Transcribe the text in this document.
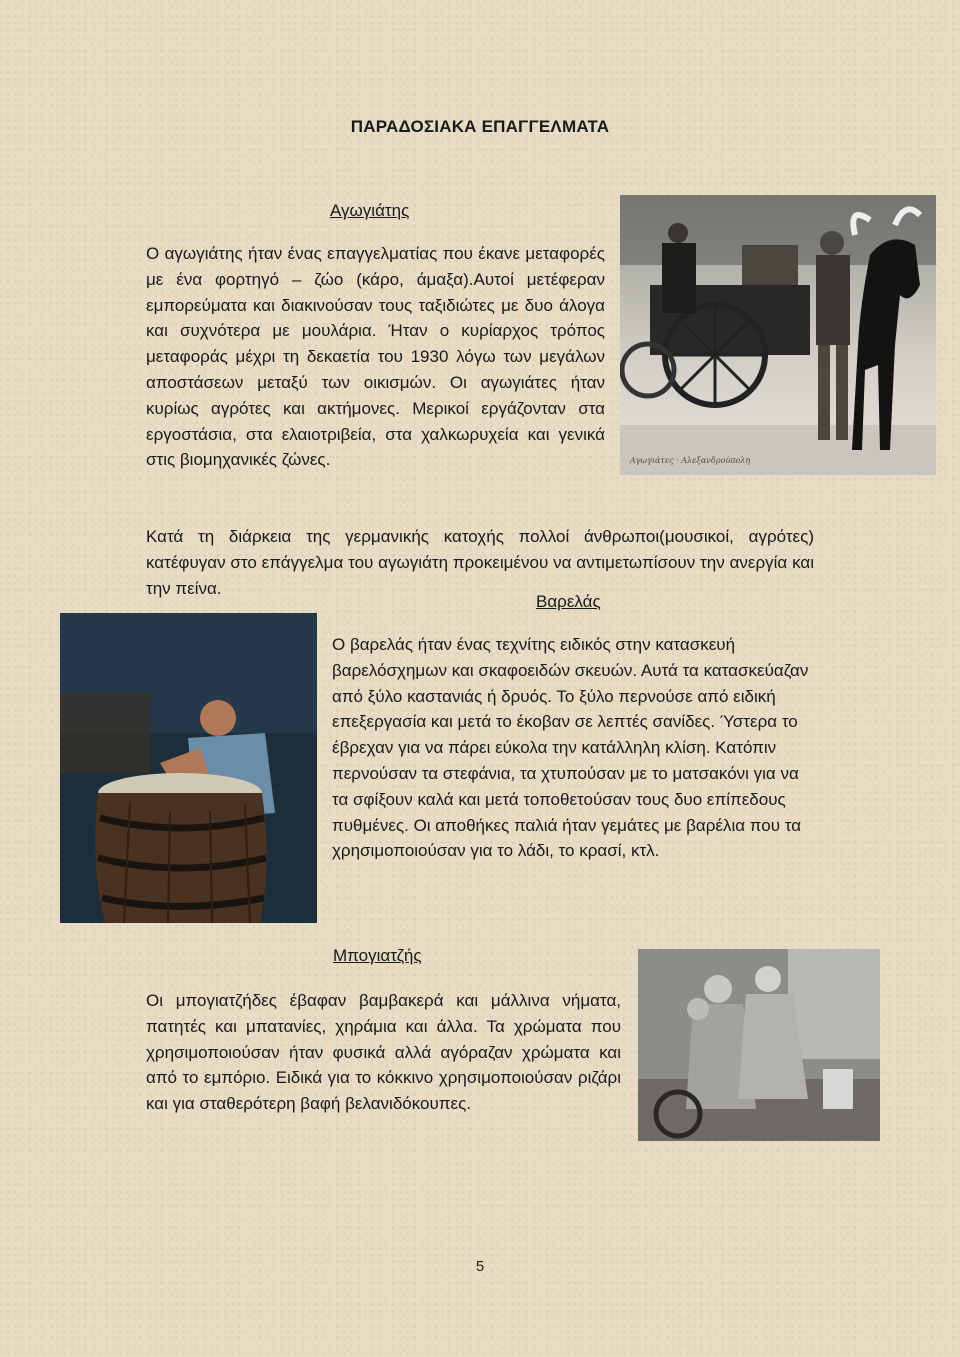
ΠΑΡΑΔΟΣΙΑΚΑ ΕΠΑΓΓΕΛΜΑΤΑ
Αγωγιάτης
Αγωγιάτες · Αλεξανδρούπολη

Ο αγωγιάτης ήταν ένας επαγγελματίας που έκανε μεταφορές με ένα φορτηγό – ζώο (κάρο, άμαξα).Αυτοί μετέφεραν εμπορεύματα και διακινούσαν τους ταξιδιώτες με δυο άλογα και συχνότερα με μουλάρια. Ήταν ο κυρίαρχος τρόπος μεταφοράς μέχρι τη δεκαετία του 1930 λόγω των μεγάλων αποστάσεων μεταξύ των οικισμών. Οι αγωγιάτες ήταν κυρίως αγρότες και ακτήμονες. Μερικοί εργάζονταν στα εργοστάσια, στα ελαιοτριβεία, στα χαλκωρυχεία και γενικά στις βιομηχανικές ζώνες.

Κατά τη διάρκεια της γερμανικής κατοχής πολλοί άνθρωποι(μουσικοί, αγρότες) κατέφυγαν στο επάγγελμα του αγωγιάτη προκειμένου να αντιμετωπίσουν την ανεργία και την πείνα.

Βαρελάς

Ο βαρελάς ήταν ένας τεχνίτης ειδικός στην κατασκευή βαρελόσχημων και σκαφοειδών σκευών. Αυτά τα κατασκεύαζαν από ξύλο καστανιάς ή δρυός. Το ξύλο περνούσε από ειδική επεξεργασία και μετά το έκοβαν σε λεπτές σανίδες. Ύστερα το έβρεχαν για να πάρει εύκολα την κατάλληλη κλίση. Κατόπιν περνούσαν τα στεφάνια, τα χτυπούσαν με το ματσακόνι για να τα σφίξουν καλά και μετά τοποθετούσαν τους δυο επίπεδους πυθμένες. Οι αποθήκες παλιά ήταν γεμάτες με βαρέλια που τα χρησιμοποιούσαν για το λάδι, το κρασί, κτλ.

Μπογιατζής

Οι μπογιατζήδες έβαφαν βαμβακερά και μάλλινα νήματα, πατητές και μπατανίες, χηράμια και άλλα. Τα χρώματα που χρησιμοποιούσαν ήταν φυσικά αλλά αγόραζαν χρώματα και από το εμπόριο. Ειδικά για το κόκκινο χρησιμοποιούσαν ριζάρι και για σταθερότερη βαφή βελανιδόκουπες.

5
